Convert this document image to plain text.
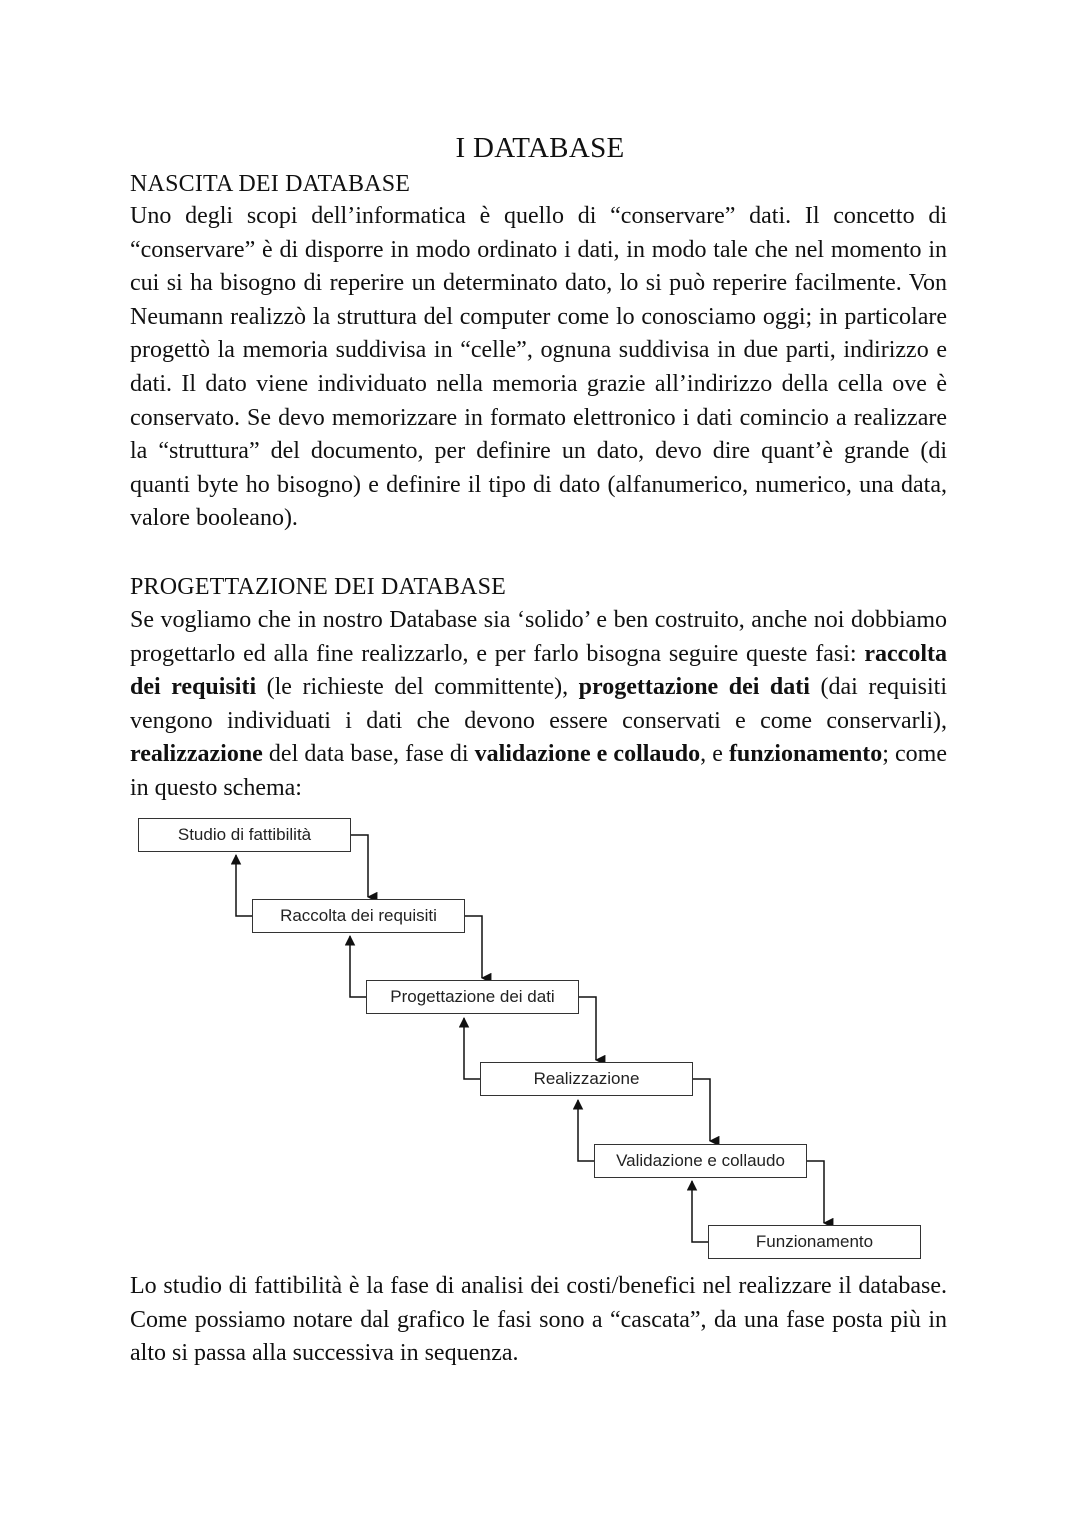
I DATABASE
NASCITA DEI DATABASE

Uno degli scopi dell’informatica è quello di “conservare” dati. Il concetto di “conservare” è di disporre in modo ordinato i dati, in modo tale che nel momento in cui si ha bisogno di reperire un determinato dato, lo si può reperire facilmente. Von Neumann realizzò la struttura del computer come lo conosciamo oggi; in particolare progettò la memoria suddivisa in “celle”, ognuna suddivisa in due parti, indirizzo e dati. Il dato viene individuato nella memoria grazie all’indirizzo della cella ove è conservato. Se devo memorizzare in formato elettronico i dati comincio a realizzare la “struttura” del documento, per definire un dato, devo dire quant’è grande (di quanti byte ho bisogno) e definire il tipo di dato (alfanumerico, numerico, una data, valore booleano).

PROGETTAZIONE DEI DATABASE

Se vogliamo che in nostro Database sia ‘solido’ e ben costruito, anche noi dobbiamo progettarlo ed alla fine realizzarlo, e per farlo bisogna seguire queste fasi: raccolta dei requisiti (le richieste del committente), progettazione dei dati (dai requisiti vengono individuati i dati che devono essere conservati e come conservarli), realizzazione del data base, fase di validazione e collaudo, e funzionamento; come in questo schema:

Studio di fattibilità
Raccolta dei requisiti
Progettazione dei dati
Realizzazione
Validazione e collaudo
Funzionamento

Lo studio di fattibilità è la fase di analisi dei costi/benefici nel realizzare il database. Come possiamo notare dal grafico le fasi sono a “cascata”, da una fase posta più in alto si passa alla successiva in sequenza.
